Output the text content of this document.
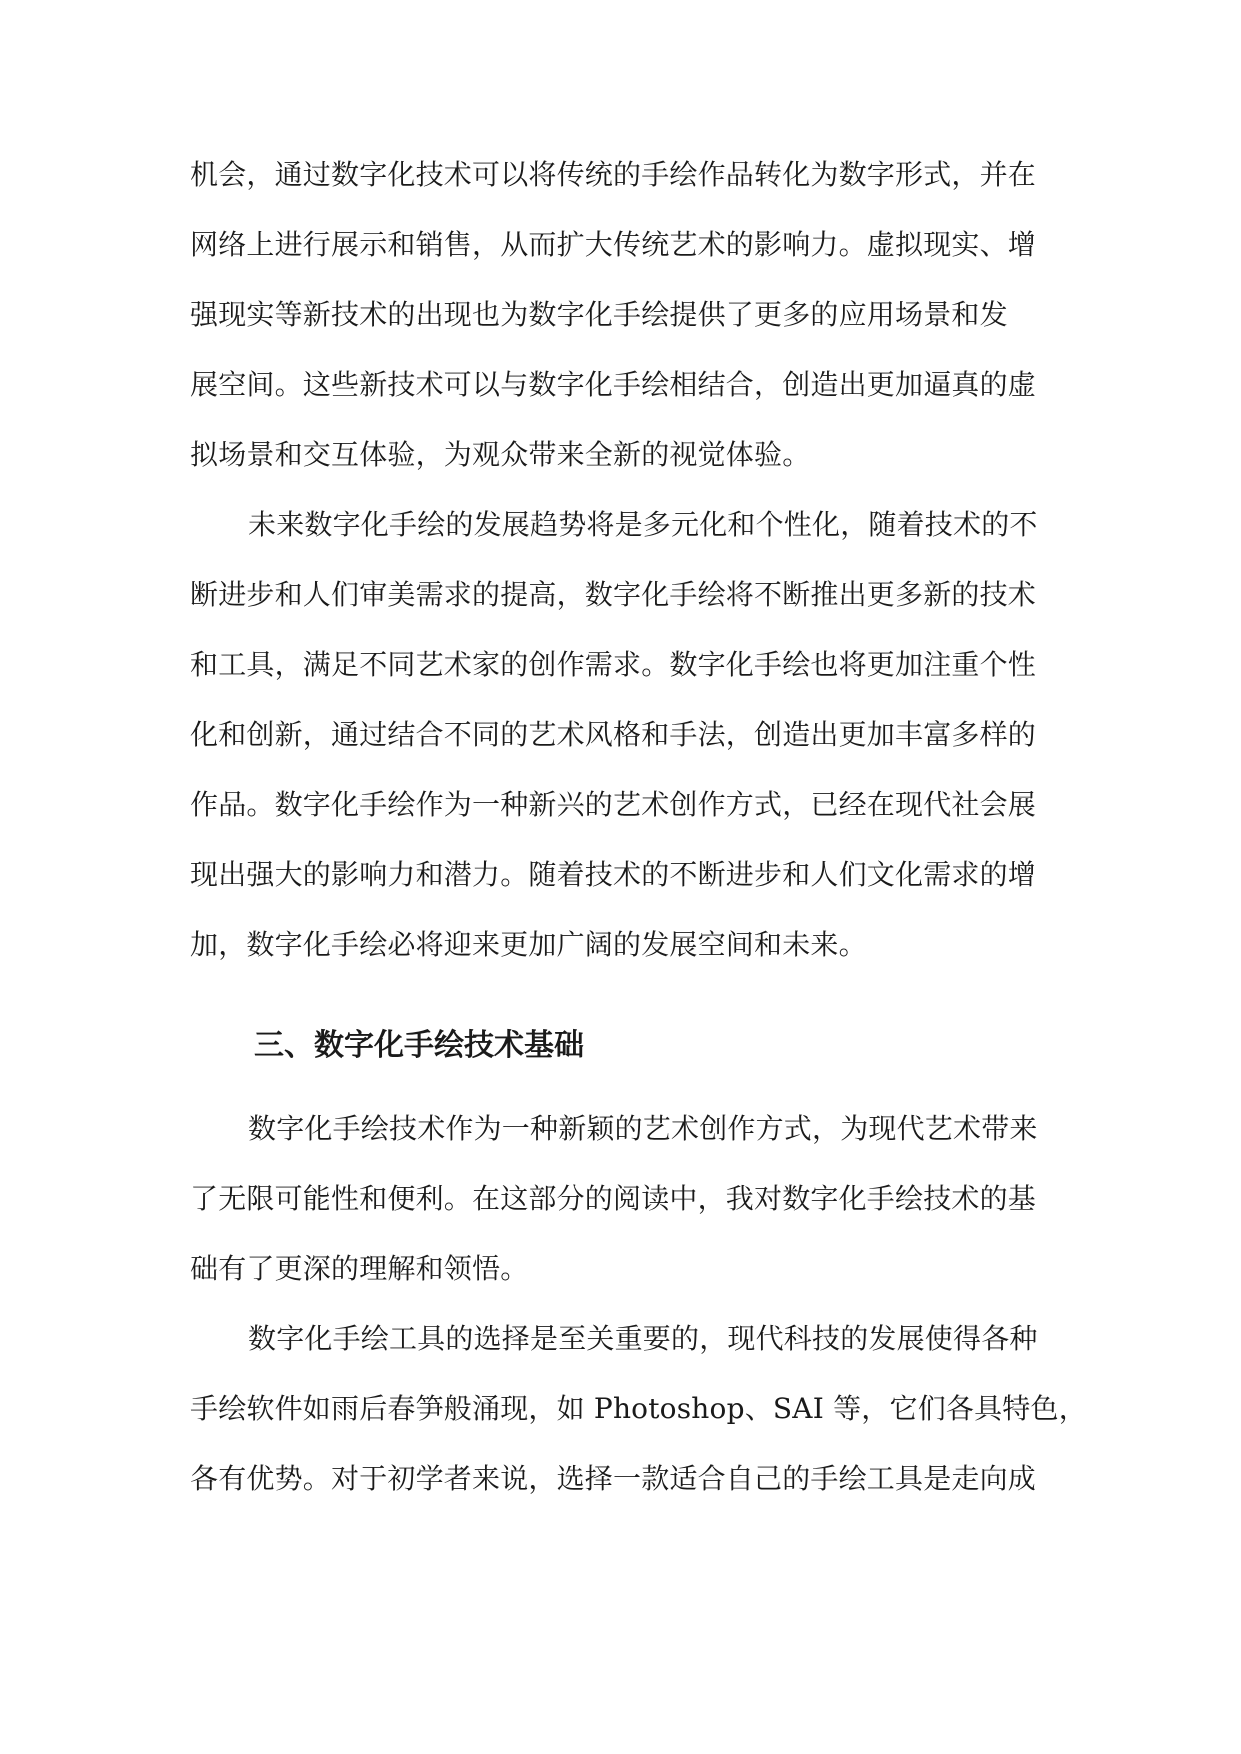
机会，通过数字化技术可以将传统的手绘作品转化为数字形式，并在
网络上进行展示和销售，从而扩大传统艺术的影响力。虚拟现实、增
强现实等新技术的出现也为数字化手绘提供了更多的应用场景和发
展空间。这些新技术可以与数字化手绘相结合，创造出更加逼真的虚
拟场景和交互体验，为观众带来全新的视觉体验。
未来数字化手绘的发展趋势将是多元化和个性化，随着技术的不
断进步和人们审美需求的提高，数字化手绘将不断推出更多新的技术
和工具，满足不同艺术家的创作需求。数字化手绘也将更加注重个性
化和创新，通过结合不同的艺术风格和手法，创造出更加丰富多样的
作品。数字化手绘作为一种新兴的艺术创作方式，已经在现代社会展
现出强大的影响力和潜力。随着技术的不断进步和人们文化需求的增
加，数字化手绘必将迎来更加广阔的发展空间和未来。
三、数字化手绘技术基础
数字化手绘技术作为一种新颖的艺术创作方式，为现代艺术带来
了无限可能性和便利。在这部分的阅读中，我对数字化手绘技术的基
础有了更深的理解和领悟。
数字化手绘工具的选择是至关重要的，现代科技的发展使得各种
手绘软件如雨后春笋般涌现，如 Photoshop、SAI 等，它们各具特色，
各有优势。对于初学者来说，选择一款适合自己的手绘工具是走向成
